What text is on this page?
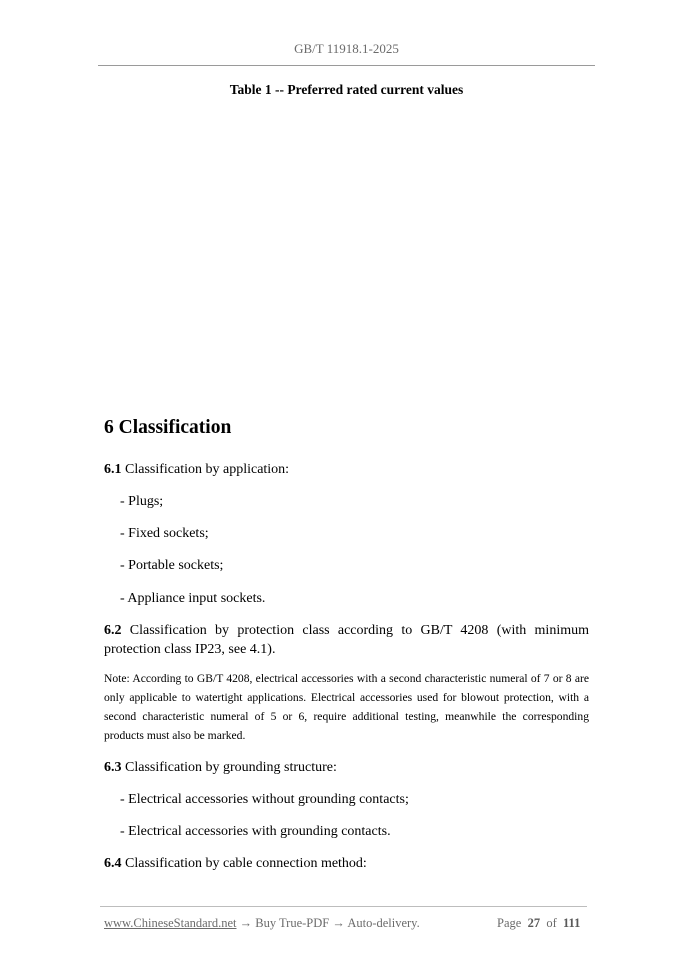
GB/T 11918.1-2025
Table 1 -- Preferred rated current values
6 Classification
6.1 Classification by application:
- Plugs;
- Fixed sockets;
- Portable sockets;
- Appliance input sockets.
6.2 Classification by protection class according to GB/T 4208 (with minimum protection class IP23, see 4.1).
Note: According to GB/T 4208, electrical accessories with a second characteristic numeral of 7 or 8 are only applicable to watertight applications. Electrical accessories used for blowout protection, with a second characteristic numeral of 5 or 6, require additional testing, meanwhile the corresponding products must also be marked.
6.3 Classification by grounding structure:
- Electrical accessories without grounding contacts;
- Electrical accessories with grounding contacts.
6.4 Classification by cable connection method:
www.ChineseStandard.net → Buy True-PDF → Auto-delivery.	Page 27 of 111
